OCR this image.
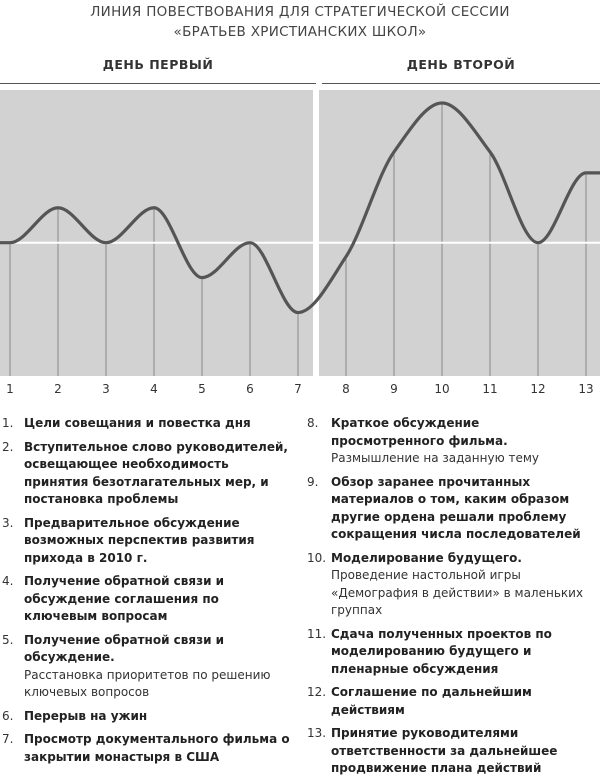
ЛИНИЯ ПОВЕСТВОВАНИЯ ДЛЯ СТРАТЕГИЧЕСКОЙ СЕССИИ
«БРАТЬЕВ ХРИСТИАНСКИХ ШКОЛ»
ДЕНЬ ПЕРВЫЙ	ДЕНЬ ВТОРОЙ
1	2	3	4	5	6	7	8	9	10	11	12	13
1. Цели совещания и повестка дня
2. Вступительное слово руководителей, освещающее необходимость принятия безотлагательных мер, и постановка проблемы
3. Предварительное обсуждение возможных перспектив развития прихода в 2010 г.
4. Получение обратной связи и обсуждение соглашения по ключевым вопросам
5. Получение обратной связи и обсуждение.
Расстановка приоритетов по решению ключевых вопросов
6. Перерыв на ужин
7. Просмотр документального фильма о закрытии монастыря в США
8.	Краткое обсуждение просмотренного фильма.
Размышление на заданную тему
9.	Обзор заранее прочитанных материалов о том, каким образом другие ордена решали проблему сокращения числа последователей
10. Моделирование будущего.
Проведение настольной игры «Демография в действии» в маленьких группах
11. Сдача полученных проектов по моделированию будущего и пленарные обсуждения
12. Соглашение по дальнейшим действиям
13. Принятие руководителями ответственности за дальнейшее продвижение плана действий
